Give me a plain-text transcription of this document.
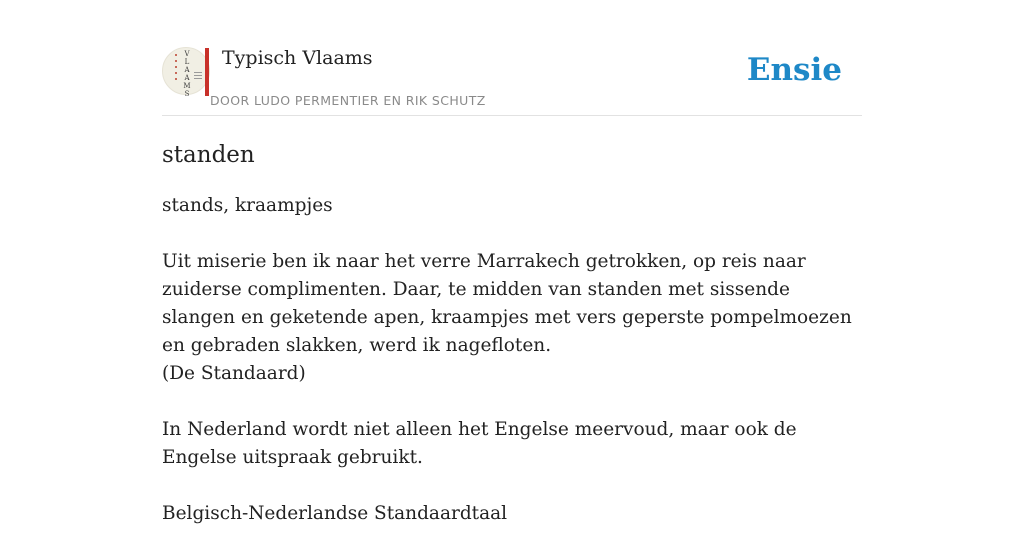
VLAAMS
Typisch Vlaams
DOOR LUDO PERMENTIER EN RIK SCHUTZ
Ensie
standen

stands, kraampjes

Uit miserie ben ik naar het verre Marrakech getrokken, op reis naar zuiderse complimenten. Daar, te midden van standen met sissende slangen en geketende apen, kraampjes met vers geperste pompelmoezen en gebraden slakken, werd ik nagefloten.
(De Standaard)

In Nederland wordt niet alleen het Engelse meervoud, maar ook de Engelse uitspraak gebruikt.

Belgisch-Nederlandse Standaardtaal
